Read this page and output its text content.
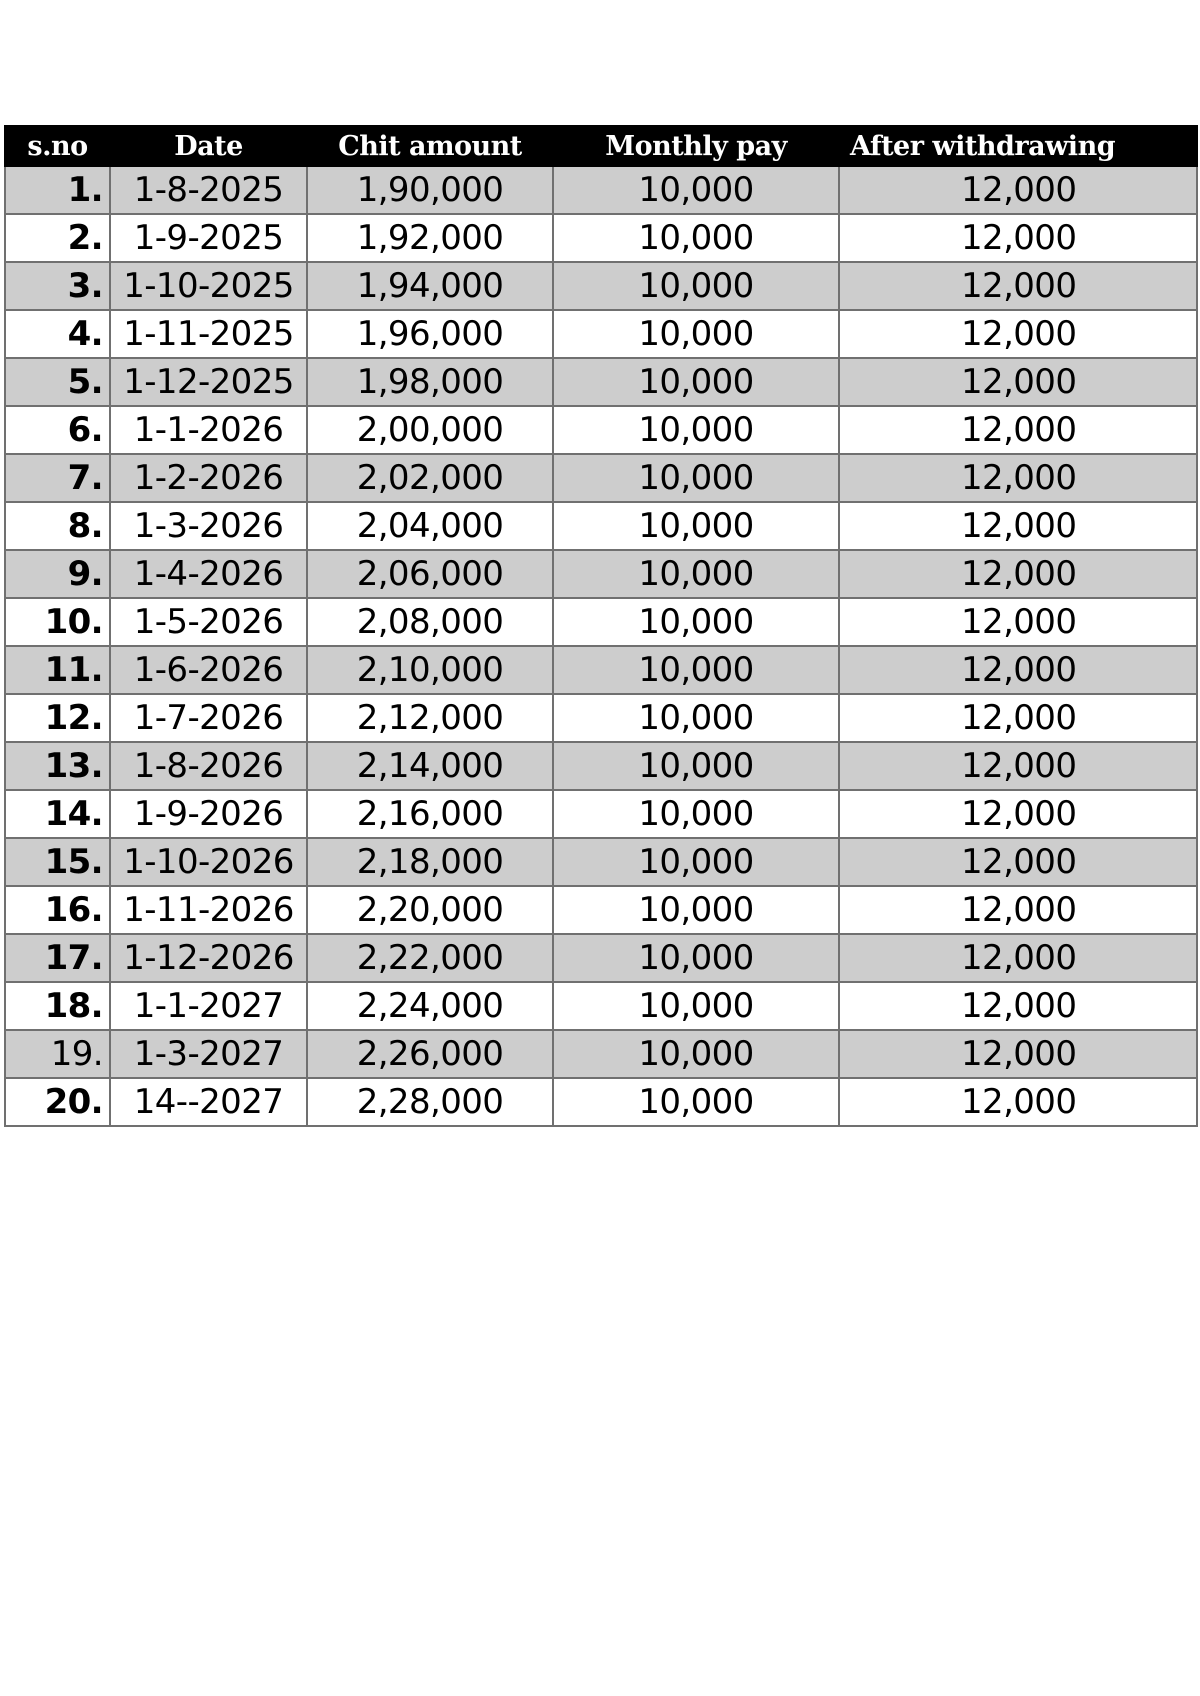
s.no	Date	Chit amount	Monthly pay	After withdrawing
1.	1-8-2025	1,90,000	10,000	12,000
2.	1-9-2025	1,92,000	10,000	12,000
3.	1-10-2025	1,94,000	10,000	12,000
4.	1-11-2025	1,96,000	10,000	12,000
5.	1-12-2025	1,98,000	10,000	12,000
6.	1-1-2026	2,00,000	10,000	12,000
7.	1-2-2026	2,02,000	10,000	12,000
8.	1-3-2026	2,04,000	10,000	12,000
9.	1-4-2026	2,06,000	10,000	12,000
10.	1-5-2026	2,08,000	10,000	12,000
11.	1-6-2026	2,10,000	10,000	12,000
12.	1-7-2026	2,12,000	10,000	12,000
13.	1-8-2026	2,14,000	10,000	12,000
14.	1-9-2026	2,16,000	10,000	12,000
15.	1-10-2026	2,18,000	10,000	12,000
16.	1-11-2026	2,20,000	10,000	12,000
17.	1-12-2026	2,22,000	10,000	12,000
18.	1-1-2027	2,24,000	10,000	12,000
19.	1-3-2027	2,26,000	10,000	12,000
20.	14--2027	2,28,000	10,000	12,000
